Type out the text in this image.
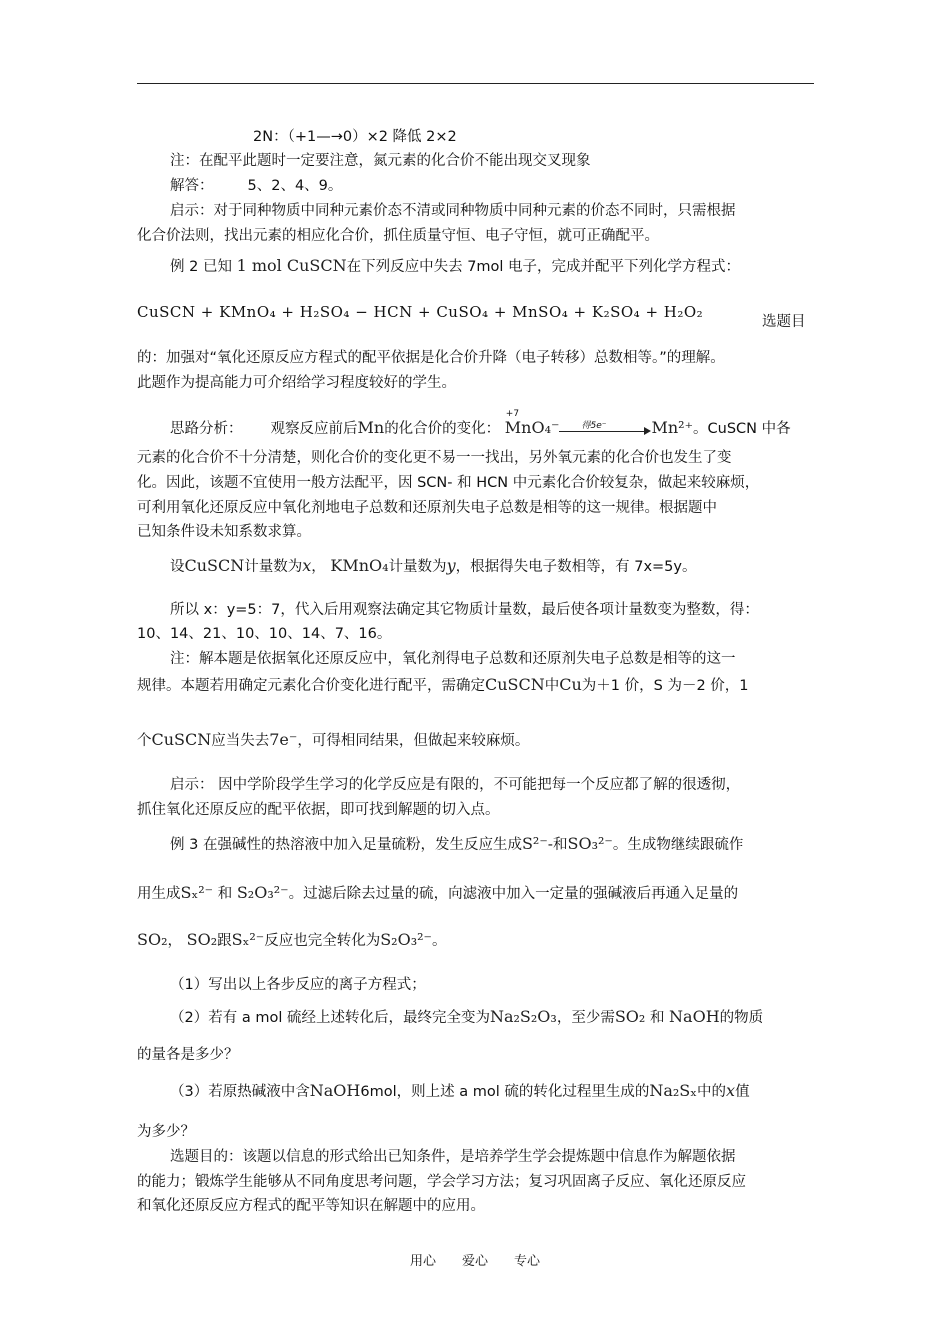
2N：（+1—→0）×2 降低 2×2
注：在配平此题时一定要注意，氮元素的化合价不能出现交叉现象
解答： 5、2、4、9。
启示：对于同种物质中同种元素价态不清或同种物质中同种元素的价态不同时，只需根据
化合价法则，找出元素的相应化合价，抓住质量守恒、电子守恒，就可正确配平。
例 2 已知 1 mol CuSCN在下列反应中失去 7mol 电子，完成并配平下列化学方程式：
CuSCN + KMnO₄ + H₂SO₄ − HCN + CuSO₄ + MnSO₄ + K₂SO₄ + H₂O₂
选题目
的：加强对“氧化还原反应方程式的配平依据是化合价升降（电子转移）总数相等。”的理解。
此题作为提高能力可介绍给学习程度较好的学生。
思路分析： 观察反应前后Mn的化合价的变化：
+7
MnO₄⁻ 得5e⁻	Mn²⁺。CuSCN 中各
元素的化合价不十分清楚，则化合价的变化更不易一一找出，另外氧元素的化合价也发生了变
化。因此，该题不宜使用一般方法配平，因 SCN- 和 HCN 中元素化合价较复杂，做起来较麻烦，
可利用氧化还原反应中氧化剂地电子总数和还原剂失电子总数是相等的这一规律。根据题中
已知条件设未知系数求算。
设CuSCN计量数为x， KMnO₄计量数为y，根据得失电子数相等，有 7x=5y。
所以 x：y=5：7，代入后用观察法确定其它物质计量数，最后使各项计量数变为整数，得：
10、14、21、10、10、14、7、16。
注：解本题是依据氧化还原反应中，氧化剂得电子总数和还原剂失电子总数是相等的这一
规律。本题若用确定元素化合价变化进行配平，需确定CuSCN中Cu为＋1 价，S 为－2 价，1
个CuSCN应当失去7e⁻，可得相同结果，但做起来较麻烦。
启示： 因中学阶段学生学习的化学反应是有限的，不可能把每一个反应都了解的很透彻，
抓住氧化还原反应的配平依据，即可找到解题的切入点。
例 3 在强碱性的热溶液中加入足量硫粉，发生反应生成S²⁻-和SO₃²⁻。生成物继续跟硫作
用生成Sₓ²⁻ 和 S₂O₃²⁻。过滤后除去过量的硫，向滤液中加入一定量的强碱液后再通入足量的
SO₂， SO₂跟Sₓ²⁻反应也完全转化为S₂O₃²⁻。
（1）写出以上各步反应的离子方程式；
（2）若有 a mol 硫经上述转化后，最终完全变为Na₂S₂O₃，至少需SO₂ 和 NaOH的物质
的量各是多少？
（3）若原热碱液中含NaOH6mol，则上述 a mol 硫的转化过程里生成的Na₂Sₓ中的x值
为多少？
选题目的：该题以信息的形式给出已知条件，是培养学生学会提炼题中信息作为解题依据
的能力；锻炼学生能够从不同角度思考问题，学会学习方法；复习巩固离子反应、氧化还原反应
和氧化还原反应方程式的配平等知识在解题中的应用。
用心　　爱心　　专心
